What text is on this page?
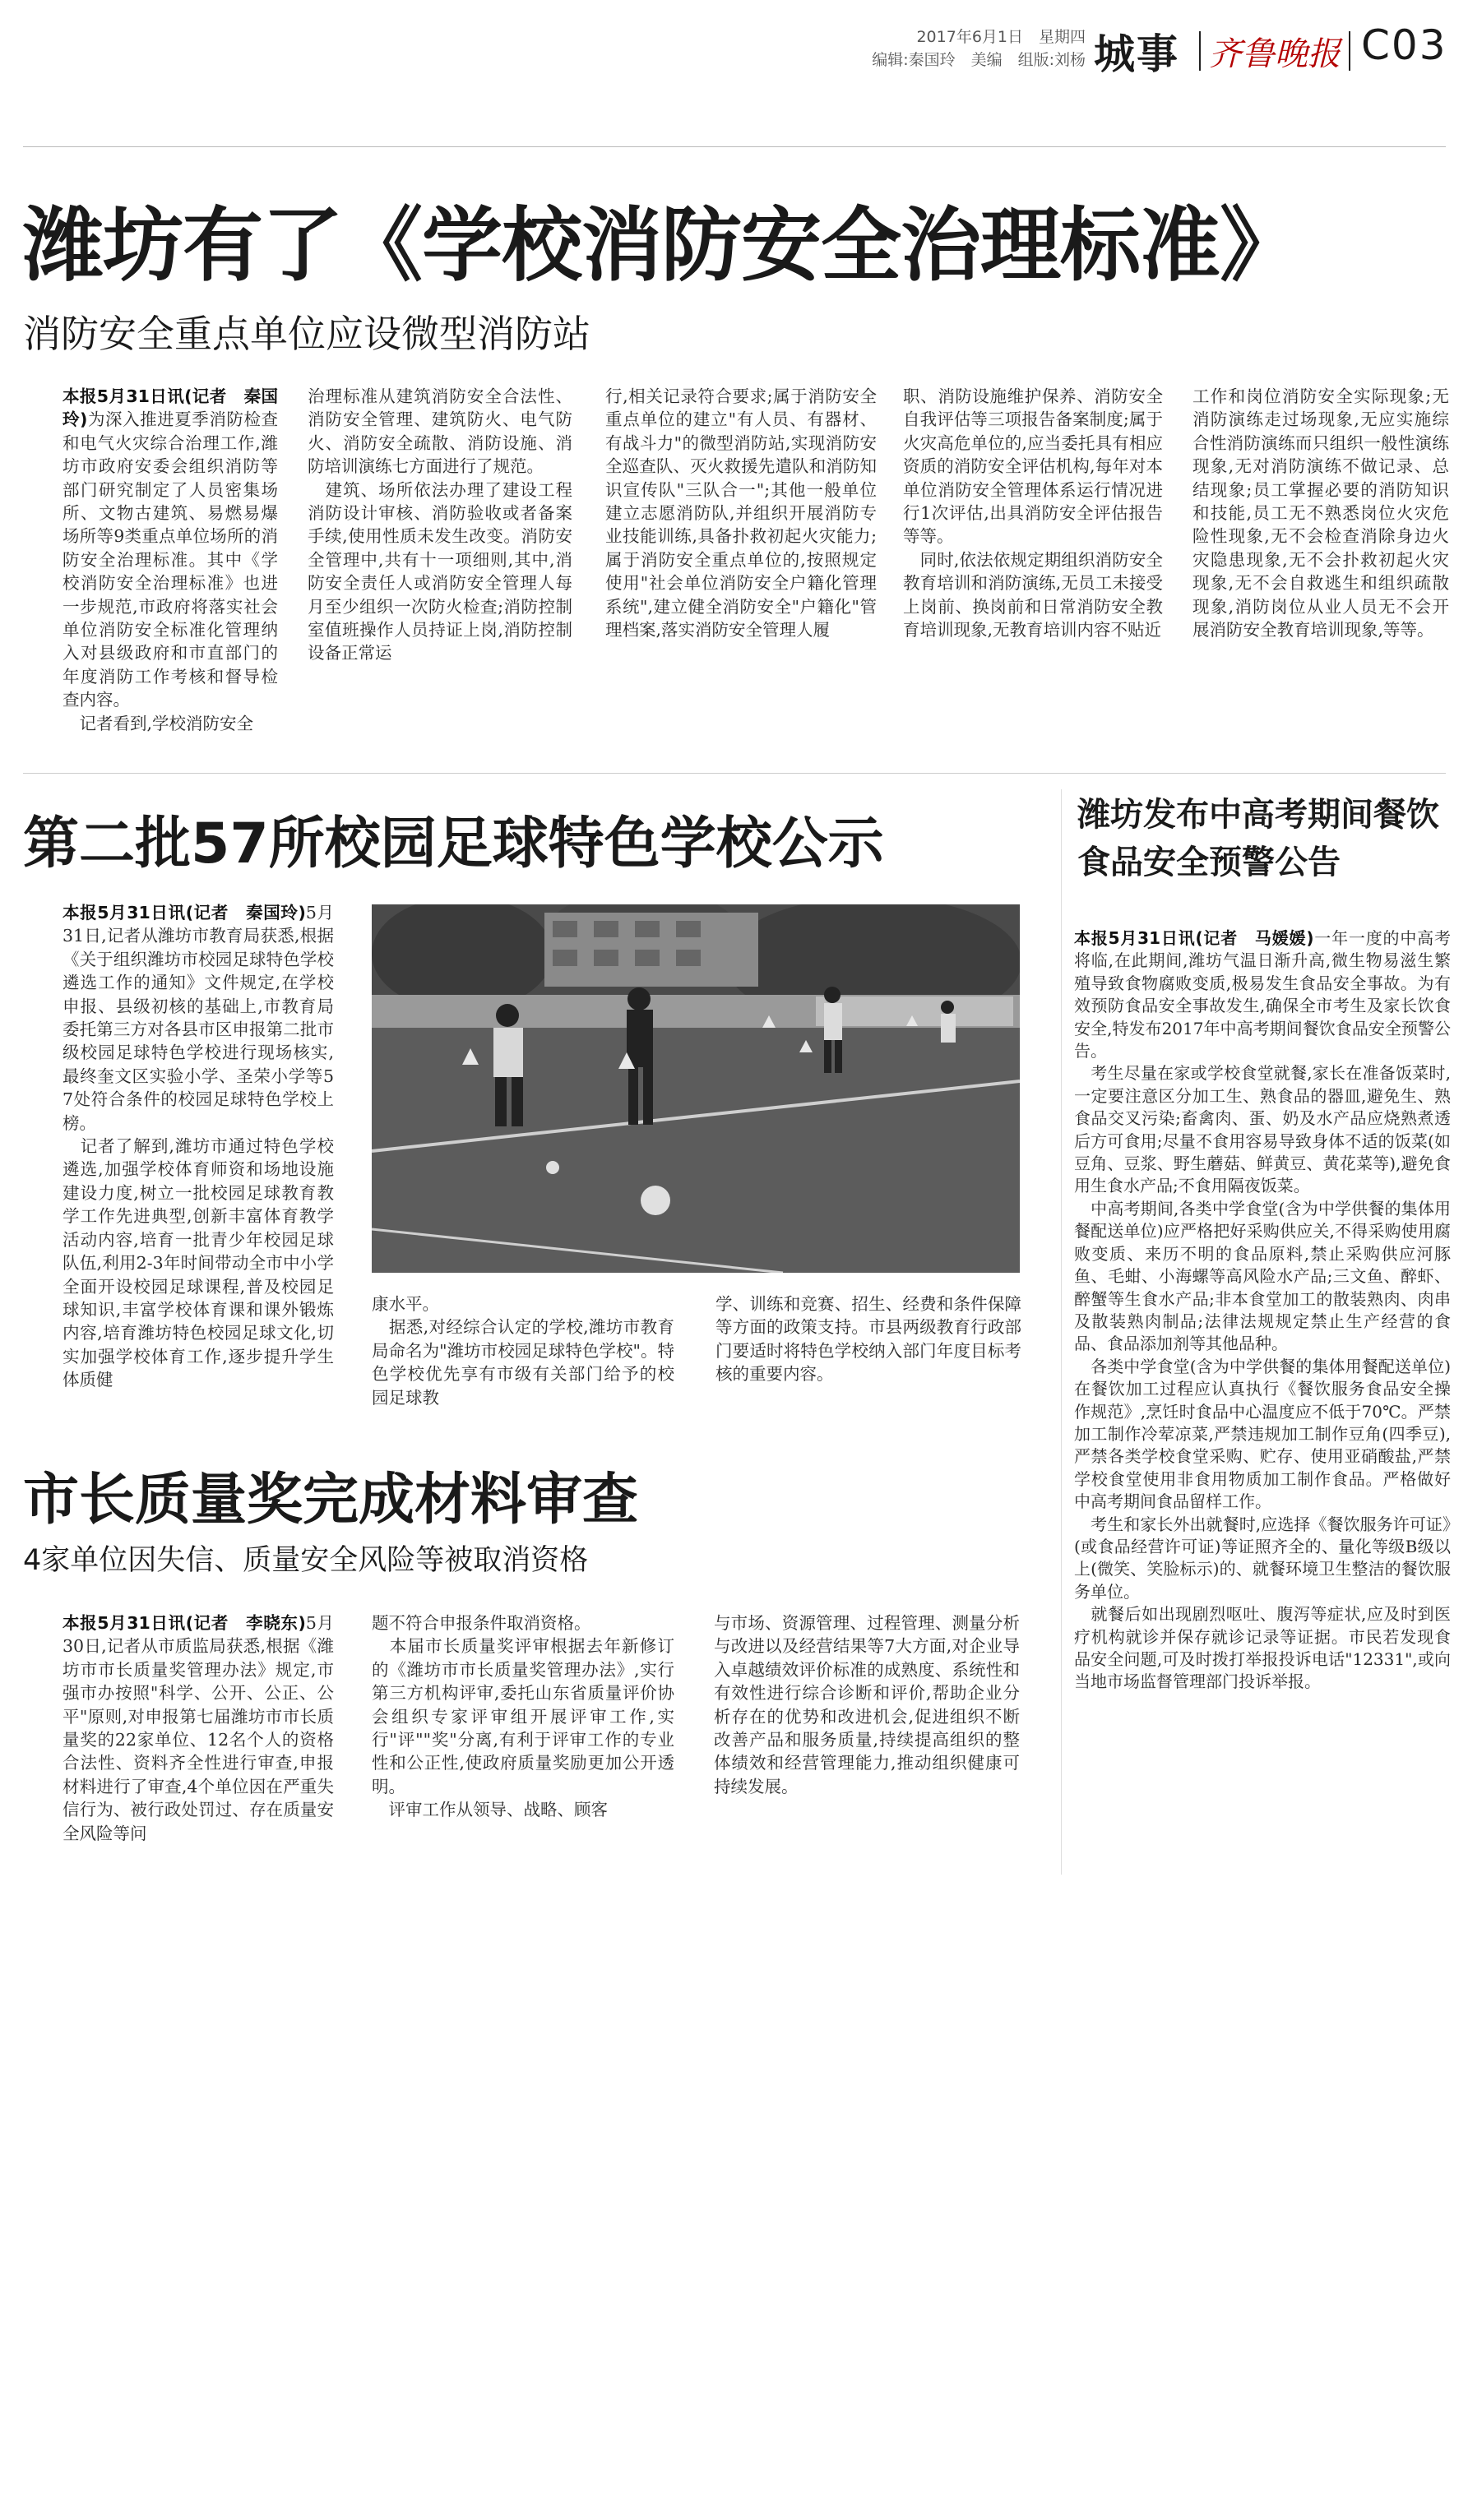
2017年6月1日　星期四
编辑:秦国玲　美编　组版:刘杨 城事 齐鲁晚报 C03
潍坊有了《学校消防安全治理标准》
消防安全重点单位应设微型消防站
本报5月31日讯(记者　秦国玲)为深入推进夏季消防检查和电气火灾综合治理工作,潍坊市政府安委会组织消防等部门研究制定了人员密集场所、文物古建筑、易燃易爆场所等9类重点单位场所的消防安全治理标准。其中《学校消防安全治理标准》也进一步规范,市政府将落实社会单位消防安全标准化管理纳入对县级政府和市直部门的年度消防工作考核和督导检查内容。
　记者看到,学校消防安全
治理标准从建筑消防安全合法性、消防安全管理、建筑防火、电气防火、消防安全疏散、消防设施、消防培训演练七方面进行了规范。
　建筑、场所依法办理了建设工程消防设计审核、消防验收或者备案手续,使用性质未发生改变。消防安全管理中,共有十一项细则,其中,消防安全责任人或消防安全管理人每月至少组织一次防火检查;消防控制室值班操作人员持证上岗,消防控制设备正常运
行,相关记录符合要求;属于消防安全重点单位的建立"有人员、有器材、有战斗力"的微型消防站,实现消防安全巡查队、灭火救援先遣队和消防知识宣传队"三队合一";其他一般单位建立志愿消防队,并组织开展消防专业技能训练,具备扑救初起火灾能力;属于消防安全重点单位的,按照规定使用"社会单位消防安全户籍化管理系统",建立健全消防安全"户籍化"管理档案,落实消防安全管理人履
职、消防设施维护保养、消防安全自我评估等三项报告备案制度;属于火灾高危单位的,应当委托具有相应资质的消防安全评估机构,每年对本单位消防安全管理体系运行情况进行1次评估,出具消防安全评估报告等等。
　同时,依法依规定期组织消防安全教育培训和消防演练,无员工未接受上岗前、换岗前和日常消防安全教育培训现象,无教育培训内容不贴近
工作和岗位消防安全实际现象;无消防演练走过场现象,无应实施综合性消防演练而只组织一般性演练现象,无对消防演练不做记录、总结现象;员工掌握必要的消防知识和技能,员工无不熟悉岗位火灾危险性现象,无不会检查消除身边火灾隐患现象,无不会扑救初起火灾现象,无不会自救逃生和组织疏散现象,消防岗位从业人员无不会开展消防安全教育培训现象,等等。
第二批57所校园足球特色学校公示
本报5月31日讯(记者　秦国玲)5月31日,记者从潍坊市教育局获悉,根据《关于组织潍坊市校园足球特色学校遴选工作的通知》文件规定,在学校申报、县级初核的基础上,市教育局委托第三方对各县市区申报第二批市级校园足球特色学校进行现场核实,最终奎文区实验小学、圣荣小学等57处符合条件的校园足球特色学校上榜。
　记者了解到,潍坊市通过特色学校遴选,加强学校体育师资和场地设施建设力度,树立一批校园足球教育教学工作先进典型,创新丰富体育教学活动内容,培育一批青少年校园足球队伍,利用2-3年时间带动全市中小学全面开设校园足球课程,普及校园足球知识,丰富学校体育课和课外锻炼内容,培育潍坊特色校园足球文化,切实加强学校体育工作,逐步提升学生体质健
康水平。
　据悉,对经综合认定的学校,潍坊市教育局命名为"潍坊市校园足球特色学校"。特色学校优先享有市级有关部门给予的校园足球教
学、训练和竞赛、招生、经费和条件保障等方面的政策支持。市县两级教育行政部门要适时将特色学校纳入部门年度目标考核的重要内容。
市长质量奖完成材料审查
4家单位因失信、质量安全风险等被取消资格
本报5月31日讯(记者　李晓东)5月30日,记者从市质监局获悉,根据《潍坊市市长质量奖管理办法》规定,市强市办按照"科学、公开、公正、公平"原则,对申报第七届潍坊市市长质量奖的22家单位、12名个人的资格合法性、资料齐全性进行审查,申报材料进行了审查,4个单位因在严重失信行为、被行政处罚过、存在质量安全风险等问
题不符合申报条件取消资格。
　本届市长质量奖评审根据去年新修订的《潍坊市市长质量奖管理办法》,实行第三方机构评审,委托山东省质量评价协会组织专家评审组开展评审工作,实行"评""奖"分离,有利于评审工作的专业性和公正性,使政府质量奖励更加公开透明。
　评审工作从领导、战略、顾客
与市场、资源管理、过程管理、测量分析与改进以及经营结果等7大方面,对企业导入卓越绩效评价标准的成熟度、系统性和有效性进行综合诊断和评价,帮助企业分析存在的优势和改进机会,促进组织不断改善产品和服务质量,持续提高组织的整体绩效和经营管理能力,推动组织健康可持续发展。
潍坊发布中高考期间餐饮食品安全预警公告
本报5月31日讯(记者　马媛媛)一年一度的中高考将临,在此期间,潍坊气温日渐升高,微生物易滋生繁殖导致食物腐败变质,极易发生食品安全事故。为有效预防食品安全事故发生,确保全市考生及家长饮食安全,特发布2017年中高考期间餐饮食品安全预警公告。
　考生尽量在家或学校食堂就餐,家长在准备饭菜时,一定要注意区分加工生、熟食品的器皿,避免生、熟食品交叉污染;畜禽肉、蛋、奶及水产品应烧熟煮透后方可食用;尽量不食用容易导致身体不适的饭菜(如豆角、豆浆、野生蘑菇、鲜黄豆、黄花菜等),避免食用生食水产品;不食用隔夜饭菜。
　中高考期间,各类中学食堂(含为中学供餐的集体用餐配送单位)应严格把好采购供应关,不得采购使用腐败变质、来历不明的食品原料,禁止采购供应河豚鱼、毛蚶、小海螺等高风险水产品;三文鱼、醉虾、醉蟹等生食水产品;非本食堂加工的散装熟肉、肉串及散装熟肉制品;法律法规规定禁止生产经营的食品、食品添加剂等其他品种。
　各类中学食堂(含为中学供餐的集体用餐配送单位)在餐饮加工过程应认真执行《餐饮服务食品安全操作规范》,烹饪时食品中心温度应不低于70℃。严禁加工制作冷荤凉菜,严禁违规加工制作豆角(四季豆),严禁各类学校食堂采购、贮存、使用亚硝酸盐,严禁学校食堂使用非食用物质加工制作食品。严格做好中高考期间食品留样工作。
　考生和家长外出就餐时,应选择《餐饮服务许可证》(或食品经营许可证)等证照齐全的、量化等级B级以上(微笑、笑脸标示)的、就餐环境卫生整洁的餐饮服务单位。
　就餐后如出现剧烈呕吐、腹泻等症状,应及时到医疗机构就诊并保存就诊记录等证据。市民若发现食品安全问题,可及时拨打举报投诉电话"12331",或向当地市场监督管理部门投诉举报。
